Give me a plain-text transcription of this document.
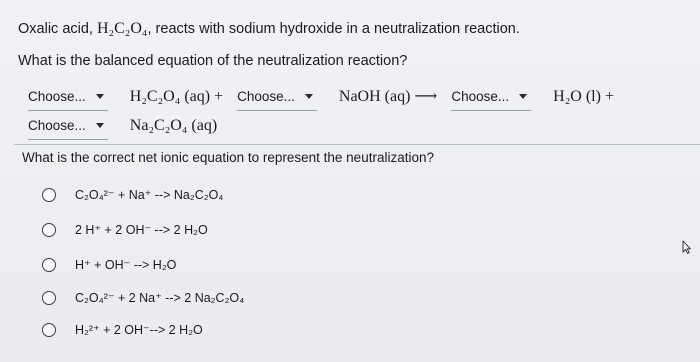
Oxalic acid, H₂C₂O₄, reacts with sodium hydroxide in a neutralization reaction.
What is the balanced equation of the neutralization reaction?
Choose...	H₂C₂O₄ (aq) + Choose...	NaOH (aq) ⟶ Choose...	H₂O (l) +
Choose...	Na₂C₂O₄ (aq)
What is the correct net ionic equation to represent the neutralization?
C₂O₄²⁻ + Na⁺ --> Na₂C₂O₄
2 H⁺ + 2 OH⁻ --> 2 H₂O
H⁺ + OH⁻ --> H₂O
C₂O₄²⁻ + 2 Na⁺ --> 2 Na₂C₂O₄
H₂²⁺ + 2 OH⁻--> 2 H₂O
